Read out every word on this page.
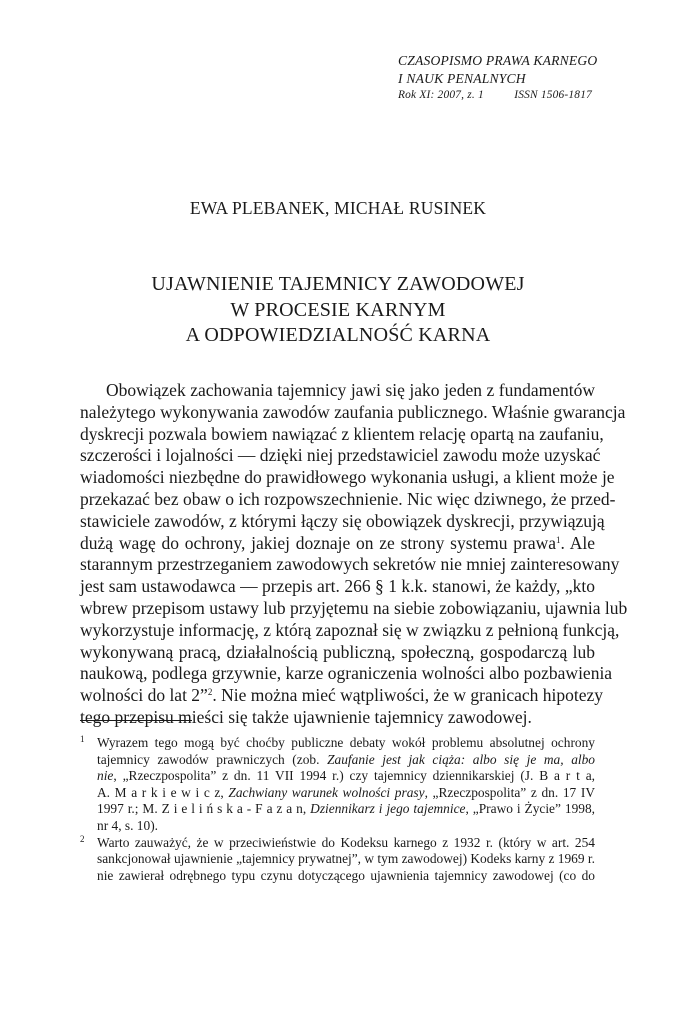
CZASOPISMO PRAWA KARNEGO
I NAUK PENALNYCH
Rok XI: 2007, z. 1	ISSN 1506-1817
EWA PLEBANEK, MICHAŁ RUSINEK
UJAWNIENIE TAJEMNICY ZAWODOWEJ
W PROCESIE KARNYM
A ODPOWIEDZIALNOŚĆ KARNA
Obowiązek zachowania tajemnicy jawi się jako jeden z fundamentów
należytego wykonywania zawodów zaufania publicznego. Właśnie gwarancja
dyskrecji pozwala bowiem nawiązać z klientem relację opartą na zaufaniu,
szczerości i lojalności — dzięki niej przedstawiciel zawodu może uzyskać
wiadomości niezbędne do prawidłowego wykonania usługi, a klient może je
przekazać bez obaw o ich rozpowszechnienie. Nic więc dziwnego, że przed-
stawiciele zawodów, z którymi łączy się obowiązek dyskrecji, przywiązują
dużą wagę do ochrony, jakiej doznaje on ze strony systemu prawa$^1$. Ale
starannym przestrzeganiem zawodowych sekretów nie mniej zainteresowany
jest sam ustawodawca — przepis art. 266 § 1 k.k. stanowi, że każdy, „kto
wbrew przepisom ustawy lub przyjętemu na siebie zobowiązaniu, ujawnia lub
wykorzystuje informację, z którą zapoznał się w związku z pełnioną funkcją,
wykonywaną pracą, działalnością publiczną, społeczną, gospodarczą lub
naukową, podlega grzywnie, karze ograniczenia wolności albo pozbawienia
wolności do lat 2”$^2$. Nie można mieć wątpliwości, że w granicach hipotezy
tego przepisu mieści się także ujawnienie tajemnicy zawodowej.
1 Wyrazem tego mogą być choćby publiczne debaty wokół problemu absolutnej ochrony
tajemnicy zawodów prawniczych (zob. Zaufanie jest jak ciąża: albo się je ma, albo
nie, „Rzeczpospolita” z dn. 11 VII 1994 r.) czy tajemnicy dziennikarskiej (J. B a r t a,
A. M a r k i e w i c z, Zachwiany warunek wolności prasy, „Rzeczpospolita” z dn. 17 IV
1997 r.; M. Z i e l i ń s k a - F a z a n, Dziennikarz i jego tajemnice, „Prawo i Życie” 1998,
nr 4, s. 10).
2 Warto zauważyć, że w przeciwieństwie do Kodeksu karnego z 1932 r. (który w art. 254
sankcjonował ujawnienie „tajemnicy prywatnej”, w tym zawodowej) Kodeks karny z 1969 r.
nie zawierał odrębnego typu czynu dotyczącego ujawnienia tajemnicy zawodowej (co do
